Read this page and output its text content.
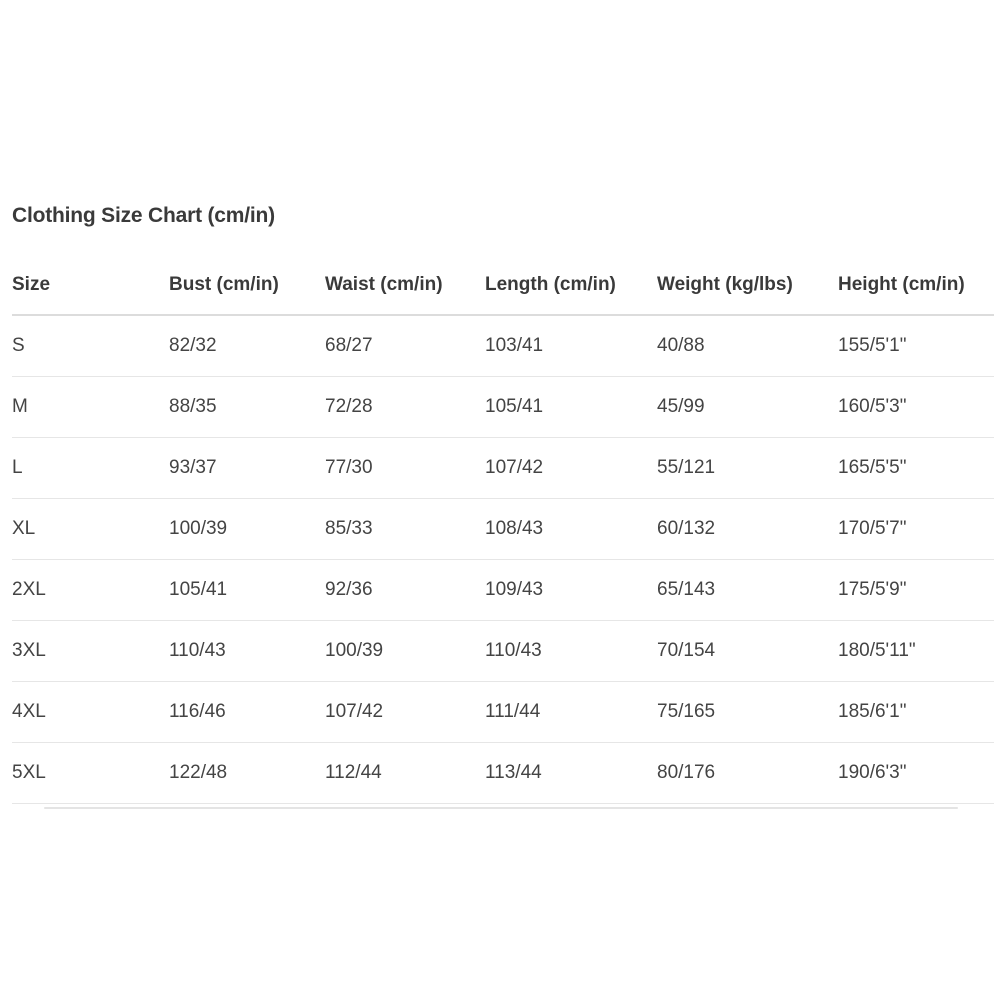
Clothing Size Chart (cm/in)
Size	Bust (cm/in)	Waist (cm/in)	Length (cm/in)	Weight (kg/lbs)	Height (cm/in)
S	82/32	68/27	103/41	40/88	155/5'1"
M	88/35	72/28	105/41	45/99	160/5'3"
L	93/37	77/30	107/42	55/121	165/5'5"
XL	100/39	85/33	108/43	60/132	170/5'7"
2XL	105/41	92/36	109/43	65/143	175/5'9"
3XL	110/43	100/39	110/43	70/154	180/5'11"
4XL	116/46	107/42	111/44	75/165	185/6'1"
5XL	122/48	112/44	113/44	80/176	190/6'3"
